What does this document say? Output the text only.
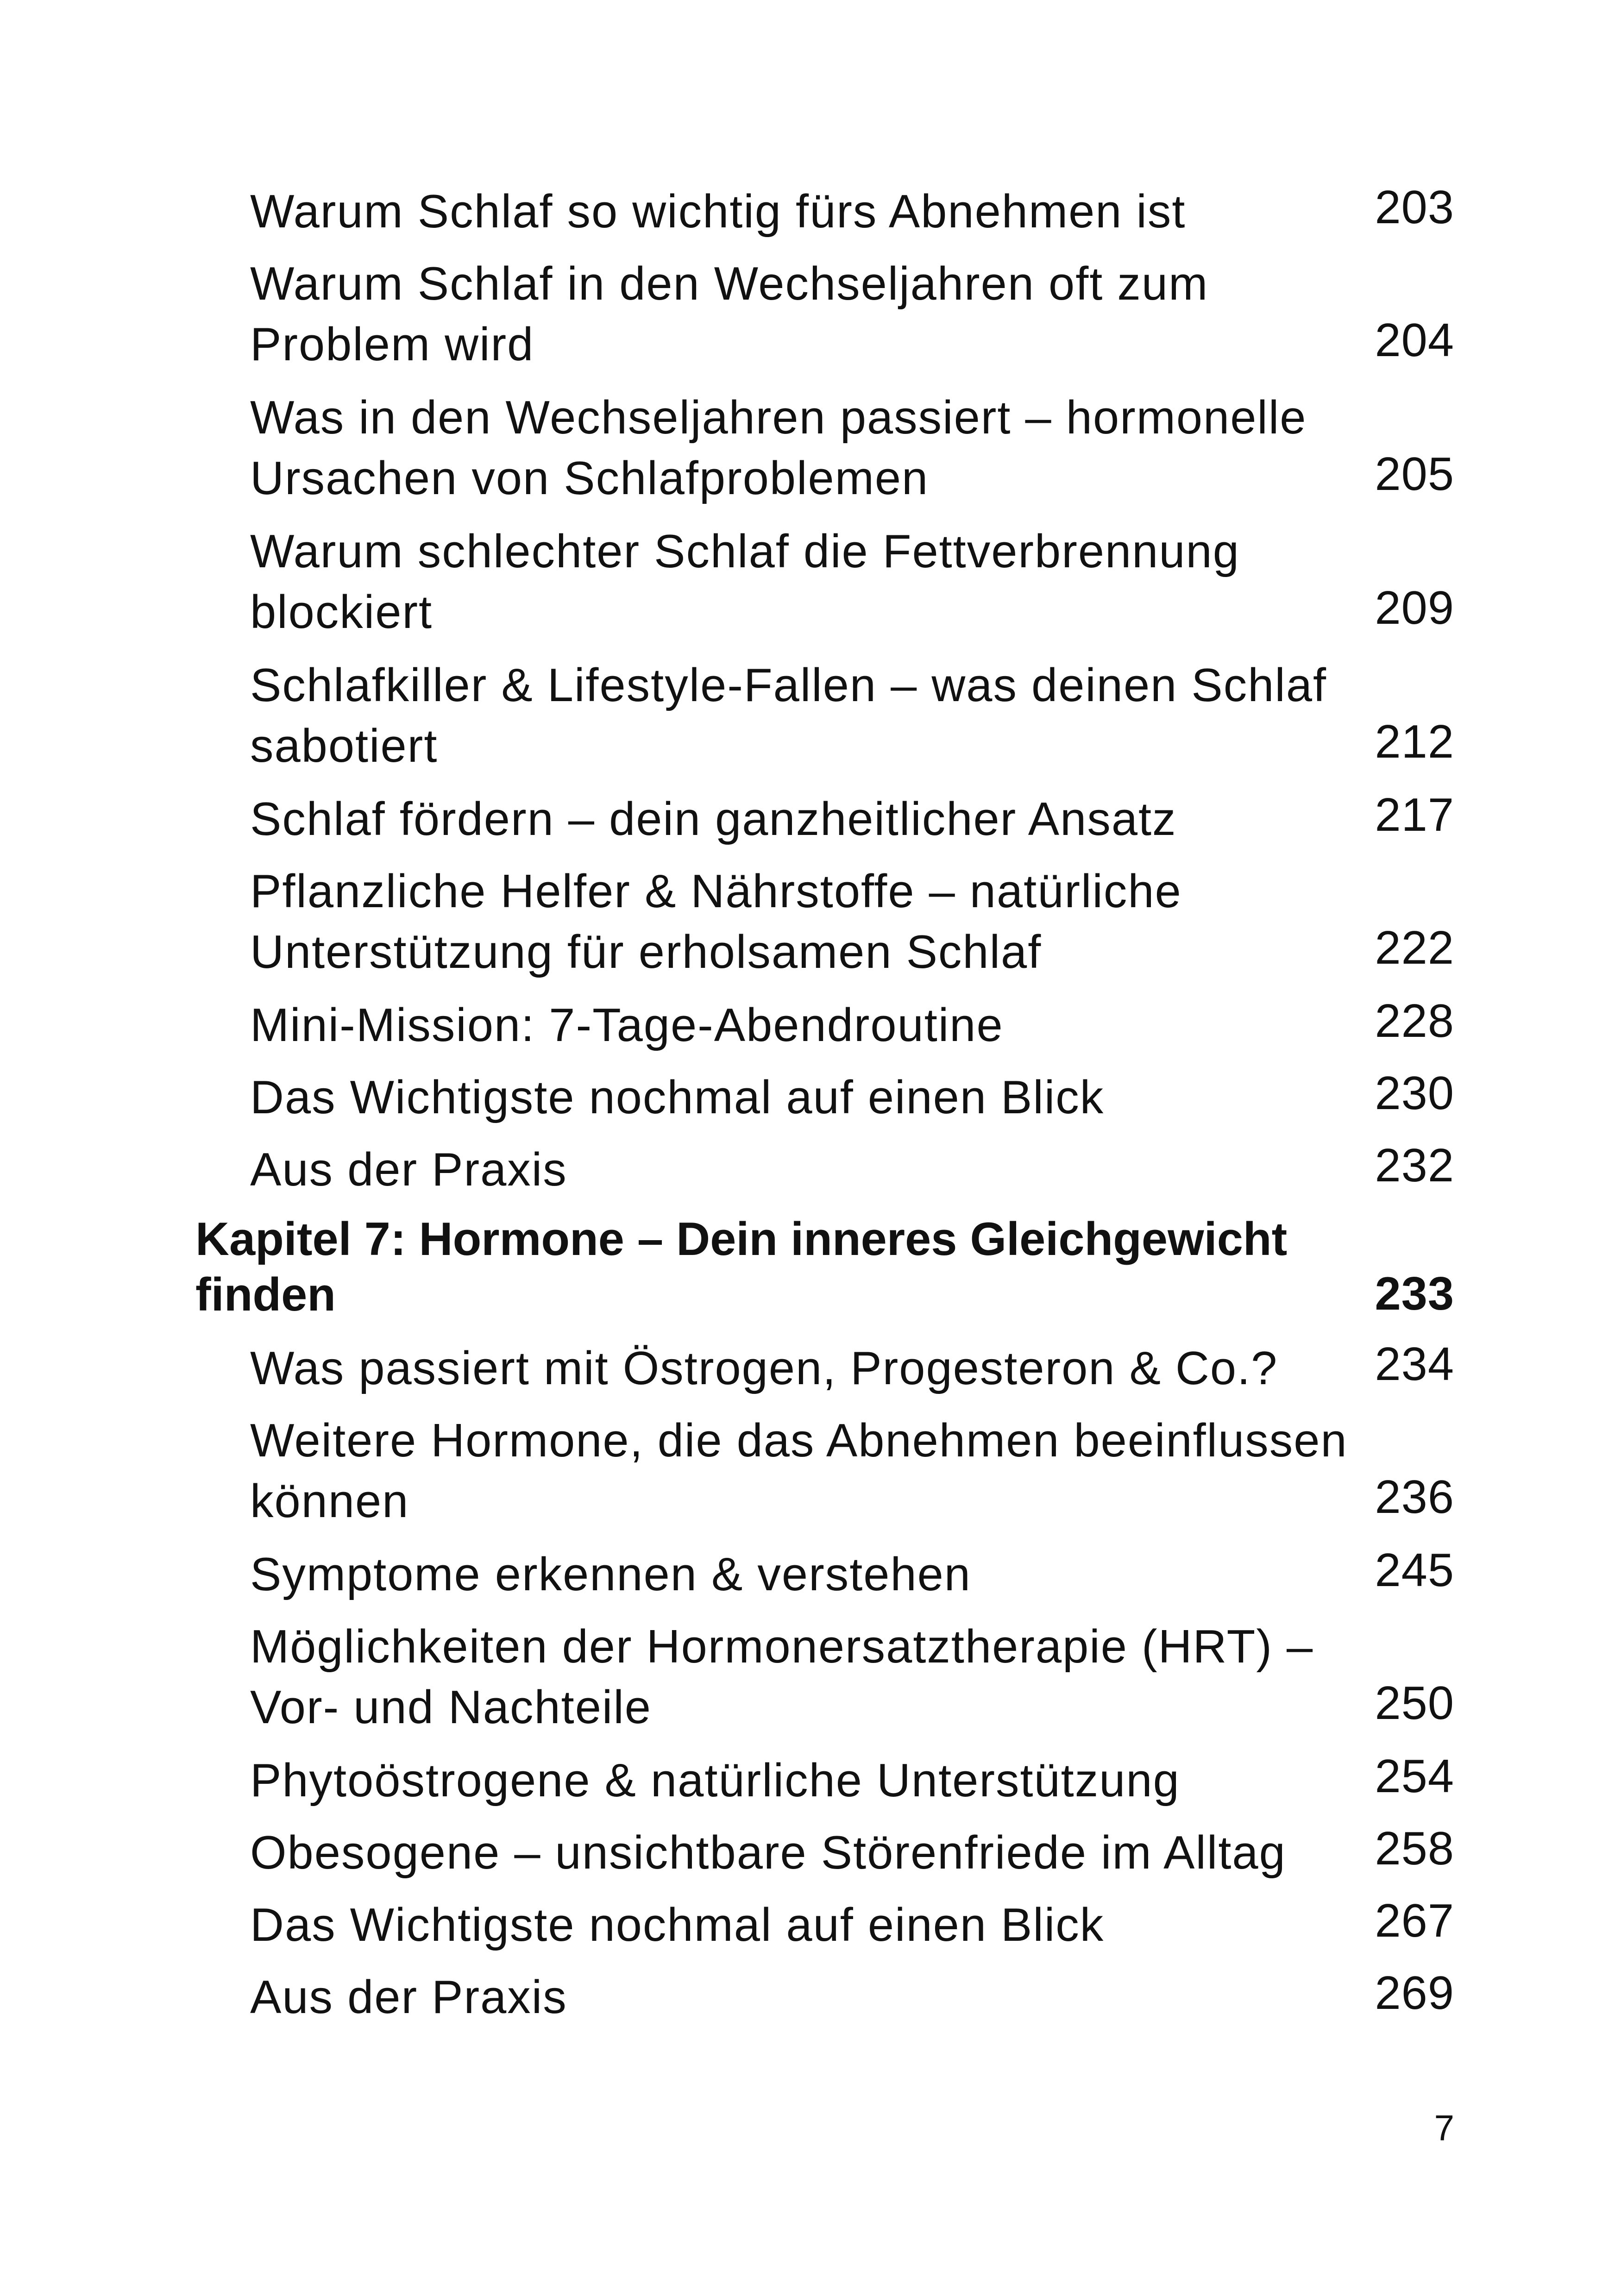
Warum Schlaf so wichtig fürs Abnehmen ist	203
Warum Schlaf in den Wechseljahren oft zum
Problem wird	204
Was in den Wechseljahren passiert – hormonelle
Ursachen von Schlafproblemen	205
Warum schlechter Schlaf die Fettverbrennung
blockiert	209
Schlafkiller & Lifestyle-Fallen – was deinen Schlaf
sabotiert	212
Schlaf fördern – dein ganzheitlicher Ansatz	217
Pflanzliche Helfer & Nährstoffe – natürliche
Unterstützung für erholsamen Schlaf	222
Mini-Mission: 7-Tage-Abendroutine	228
Das Wichtigste nochmal auf einen Blick	230
Aus der Praxis	232
Kapitel 7: Hormone – Dein inneres Gleichgewicht
finden	233
Was passiert mit Östrogen, Progesteron & Co.?	234
Weitere Hormone, die das Abnehmen beeinflussen
können	236
Symptome erkennen & verstehen	245
Möglichkeiten der Hormonersatztherapie (HRT) –
Vor- und Nachteile	250
Phytoöstrogene & natürliche Unterstützung	254
Obesogene – unsichtbare Störenfriede im Alltag	258
Das Wichtigste nochmal auf einen Blick	267
Aus der Praxis	269
7
